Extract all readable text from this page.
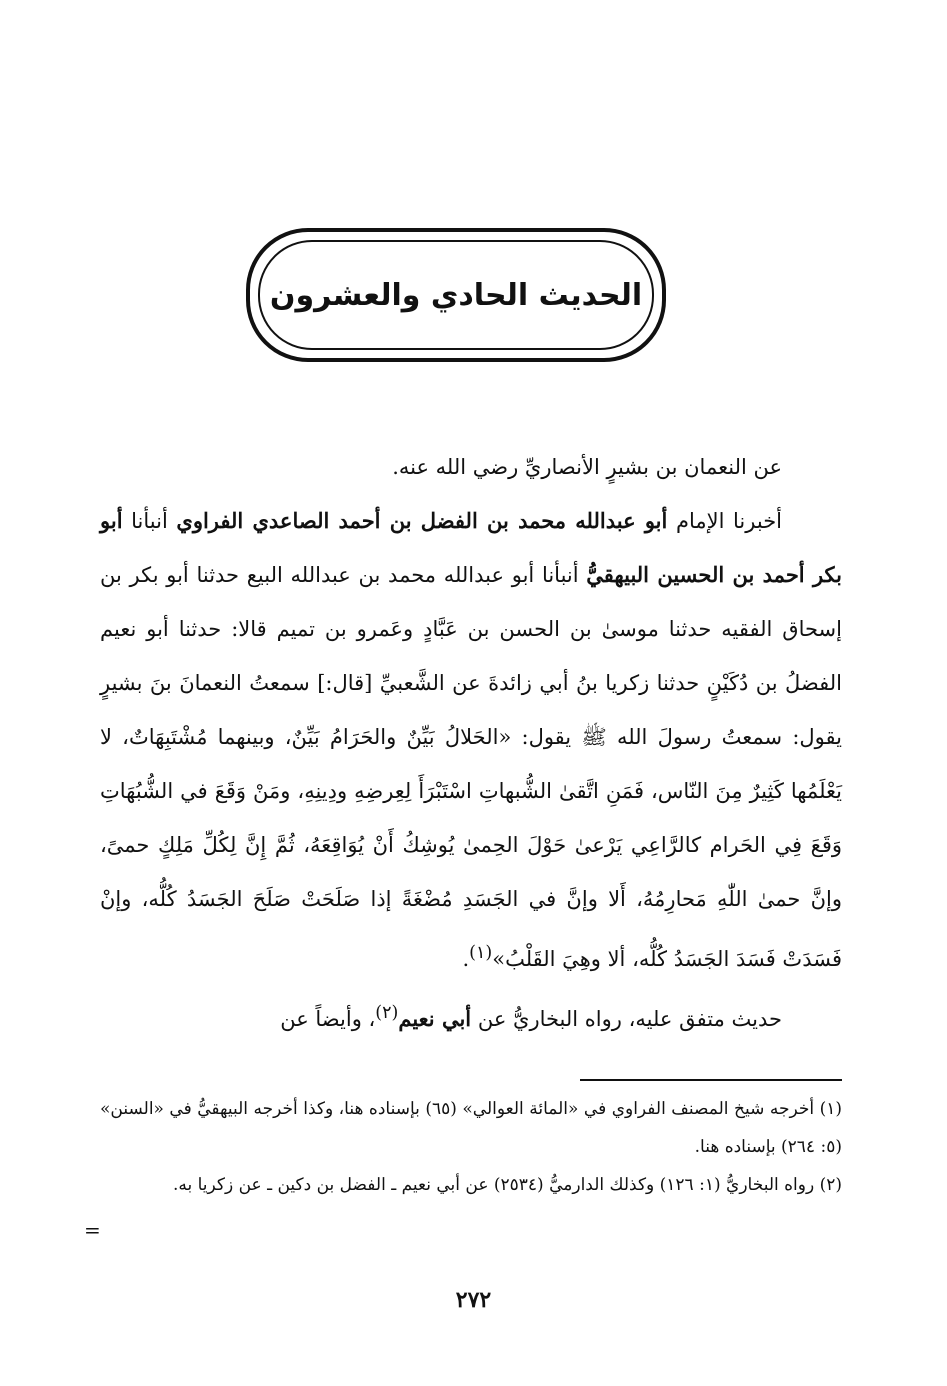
الحديث الحادي والعشرون

عن النعمان بن بشيرٍ الأنصاريِّ رضي الله عنه.

أخبرنا الإمام أبو عبدالله محمد بن الفضل بن أحمد الصاعدي الفراوي أنبأنا أبو بكر أحمد بن الحسين البيهقيُّ أنبأنا أبو عبدالله محمد بن عبدالله البيع حدثنا أبو بكر بن إسحاق الفقيه حدثنا موسىٰ بن الحسن بن عَبَّادٍ وعَمرو بن تميم قالا: حدثنا أبو نعيم الفضلُ بن دُكَيْنٍ حدثنا زكريا بنُ أبي زائدةَ عن الشَّعبيِّ [قال:] سمعتُ النعمانَ بنَ بشيرٍ يقول: سمعتُ رسولَ الله ﷺ يقول: «الحَلالُ بَيِّنٌ والحَرَامُ بَيِّنٌ، وبينهما مُشْتَبِهَاتٌ، لا يَعْلَمُها كَثِيرٌ مِنَ النّاس، فَمَنِ اتَّقىٰ الشُّبهاتِ اسْتَبْرَأَ لِعِرضِهِ ودِينِهِ، ومَنْ وَقَعَ في الشُّبُهَاتِ وَقَعَ فِي الحَرام كالرَّاعِي يَرْعىٰ حَوْلَ الحِمىٰ يُوشِكُ أَنْ يُوَاقِعَهُ، ثُمَّ إِنَّ لِكُلِّ مَلِكٍ حمىً، وإنَّ حمىٰ اللّٰهِ مَحارِمُهُ، أَلا وإنَّ في الجَسَدِ مُضْغَةً إذا صَلَحَتْ صَلَحَ الجَسَدُ كُلُّه، وإنْ فَسَدَتْ فَسَدَ الجَسَدُ كُلُّه، ألا وهِيَ القَلْبُ»$^{(١)}$.

حديث متفق عليه، رواه البخاريُّ عن أبي نعيم$^{(٢)}$، وأيضاً عن

(١) أخرجه شيخ المصنف الفراوي في «المائة العوالي» (٦٥) بإسناده هنا، وكذا أخرجه البيهقيُّ في «السنن» (٥: ٢٦٤) بإسناده هنا.

(٢) رواه البخاريُّ (١: ١٢٦) وكذلك الدارميُّ (٢٥٣٤) عن أبي نعيم ـ الفضل بن دكين ـ عن زكريا به.

=
٢٧٢
